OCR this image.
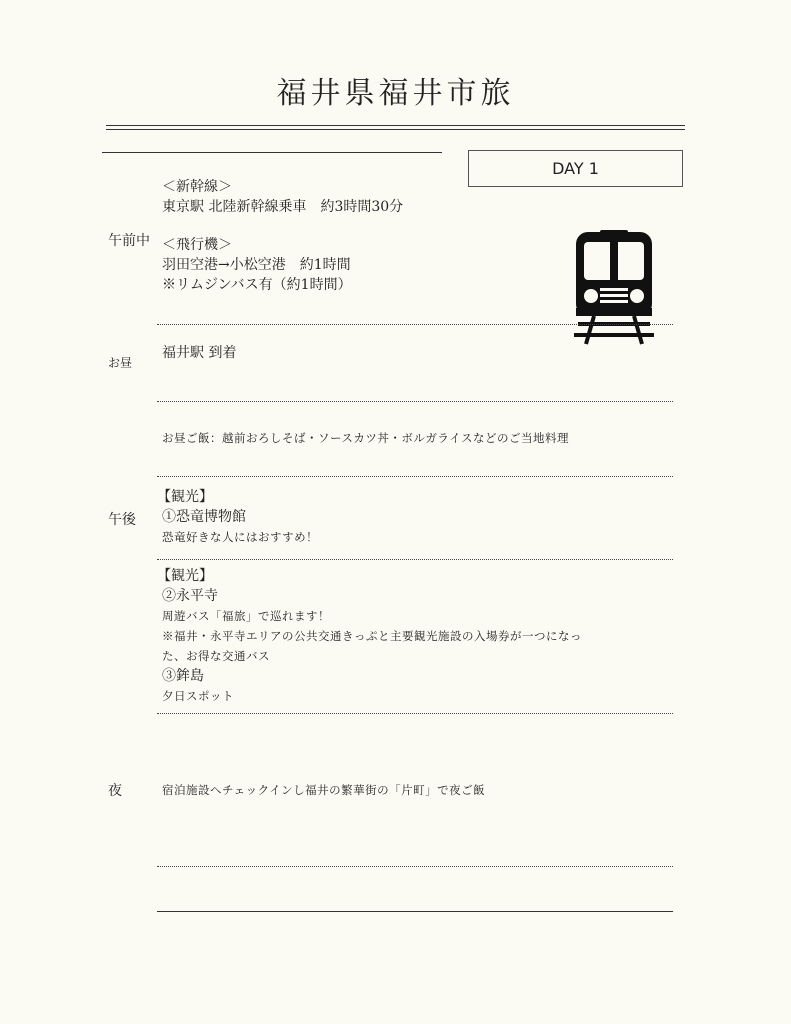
福井県福井市旅
DAY 1
午前中
＜新幹線＞
東京駅 北陸新幹線乗車　約3時間30分
＜飛行機＞
羽田空港→小松空港　約1時間
※リムジンバス有（約1時間）
お昼
福井駅 到着
お昼ご飯：越前おろしそば・ソースカツ丼・ボルガライスなどのご当地料理
午後
【観光】
①恐竜博物館
恐竜好きな人にはおすすめ！
【観光】
②永平寺
周遊バス「福旅」で巡れます！
※福井・永平寺エリアの公共交通きっぷと主要観光施設の入場券が一つになっ
た、お得な交通バス
③鉾島
夕日スポット
夜	宿泊施設へチェックインし福井の繁華街の「片町」で夜ご飯
